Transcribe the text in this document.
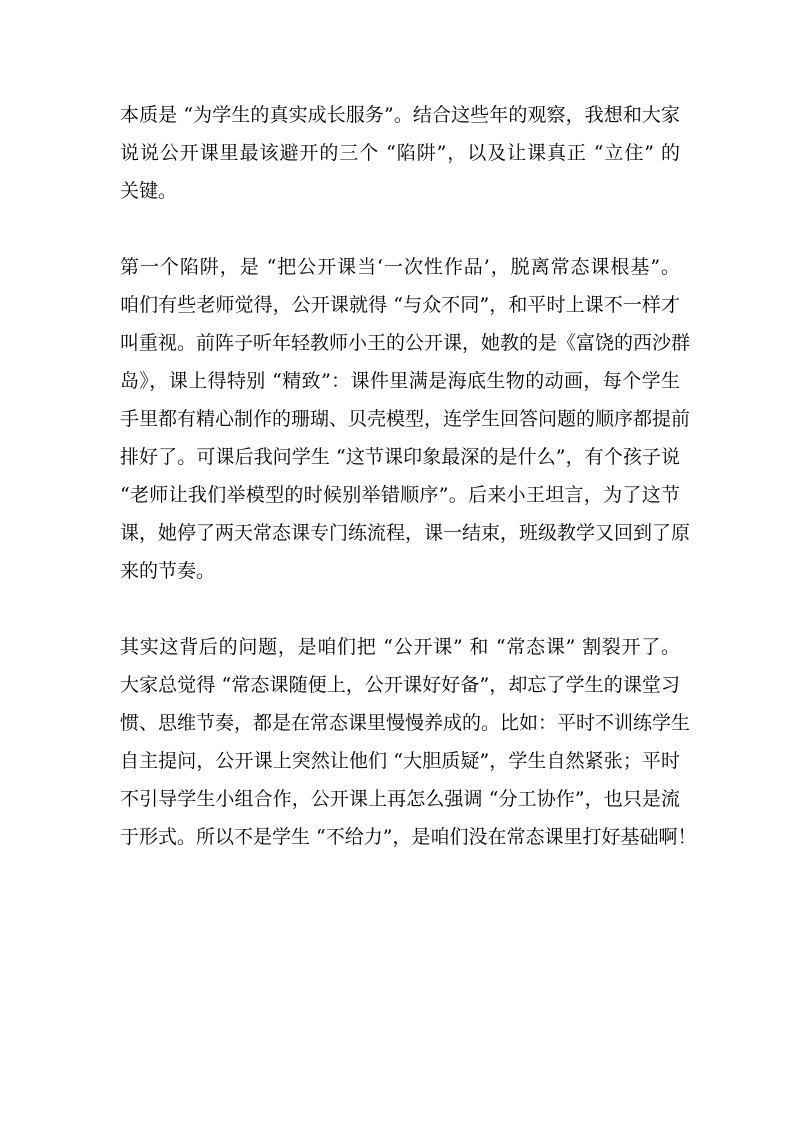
本质是 “为学生的真实成长服务”。结合这些年的观察，我想和大家
说说公开课里最该避开的三个 “陷阱”，以及让课真正 “立住” 的
关键。
第一个陷阱，是 “把公开课当‘一次性作品’，脱离常态课根基”。
咱们有些老师觉得，公开课就得 “与众不同”，和平时上课不一样才
叫重视。前阵子听年轻教师小王的公开课，她教的是《富饶的西沙群
岛》，课上得特别 “精致”：课件里满是海底生物的动画，每个学生
手里都有精心制作的珊瑚、贝壳模型，连学生回答问题的顺序都提前
排好了。可课后我问学生 “这节课印象最深的是什么”，有个孩子说
“老师让我们举模型的时候别举错顺序”。后来小王坦言，为了这节
课，她停了两天常态课专门练流程，课一结束，班级教学又回到了原
来的节奏。
其实这背后的问题，是咱们把 “公开课” 和 “常态课” 割裂开了。
大家总觉得 “常态课随便上，公开课好好备”，却忘了学生的课堂习
惯、思维节奏，都是在常态课里慢慢养成的。比如：平时不训练学生
自主提问，公开课上突然让他们 “大胆质疑”，学生自然紧张；平时
不引导学生小组合作，公开课上再怎么强调 “分工协作”，也只是流
于形式。所以不是学生 “不给力”，是咱们没在常态课里打好基础啊！
